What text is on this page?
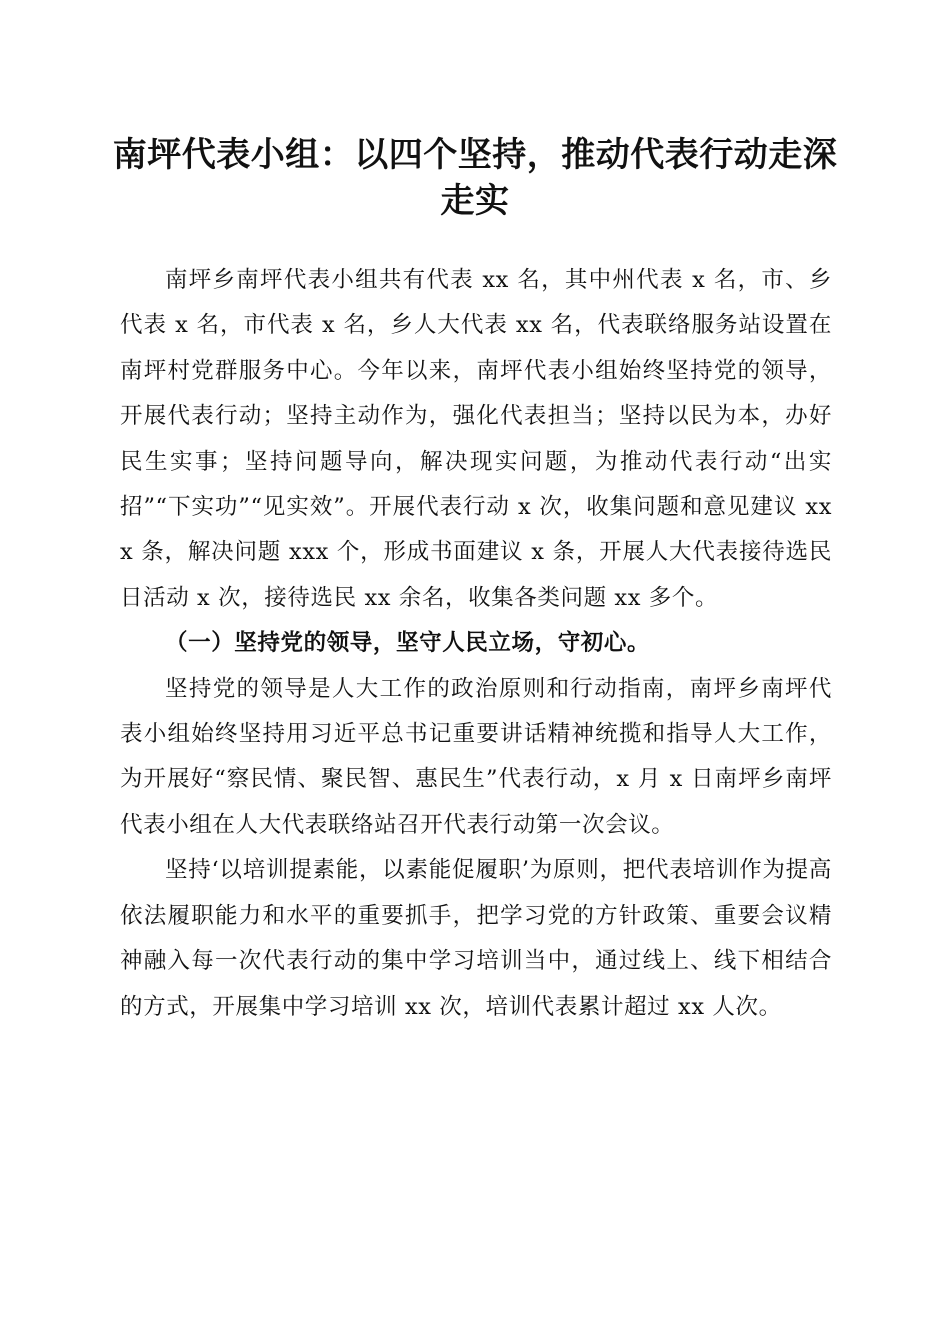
南坪代表小组：以四个坚持，推动代表行动走深走实

南坪乡南坪代表小组共有代表 xx 名，其中州代表 x 名，市、乡代表 x 名，市代表 x 名，乡人大代表 xx 名，代表联络服务站设置在南坪村党群服务中心。今年以来，南坪代表小组始终坚持党的领导，开展代表行动；坚持主动作为，强化代表担当；坚持以民为本，办好民生实事；坚持问题导向，解决现实问题，为推动代表行动“出实招”“下实功”“见实效”。开展代表行动 x 次，收集问题和意见建议 xxx 条，解决问题 xxx 个，形成书面建议 x 条，开展人大代表接待选民日活动 x 次，接待选民 xx 余名，收集各类问题 xx 多个。

（一）坚持党的领导，坚守人民立场，守初心。

坚持党的领导是人大工作的政治原则和行动指南，南坪乡南坪代表小组始终坚持用习近平总书记重要讲话精神统揽和指导人大工作，为开展好“察民情、聚民智、惠民生”代表行动，x 月 x 日南坪乡南坪代表小组在人大代表联络站召开代表行动第一次会议。

坚持‘以培训提素能，以素能促履职’为原则，把代表培训作为提高依法履职能力和水平的重要抓手，把学习党的方针政策、重要会议精神融入每一次代表行动的集中学习培训当中，通过线上、线下相结合的方式，开展集中学习培训 xx 次，培训代表累计超过 xx 人次。
